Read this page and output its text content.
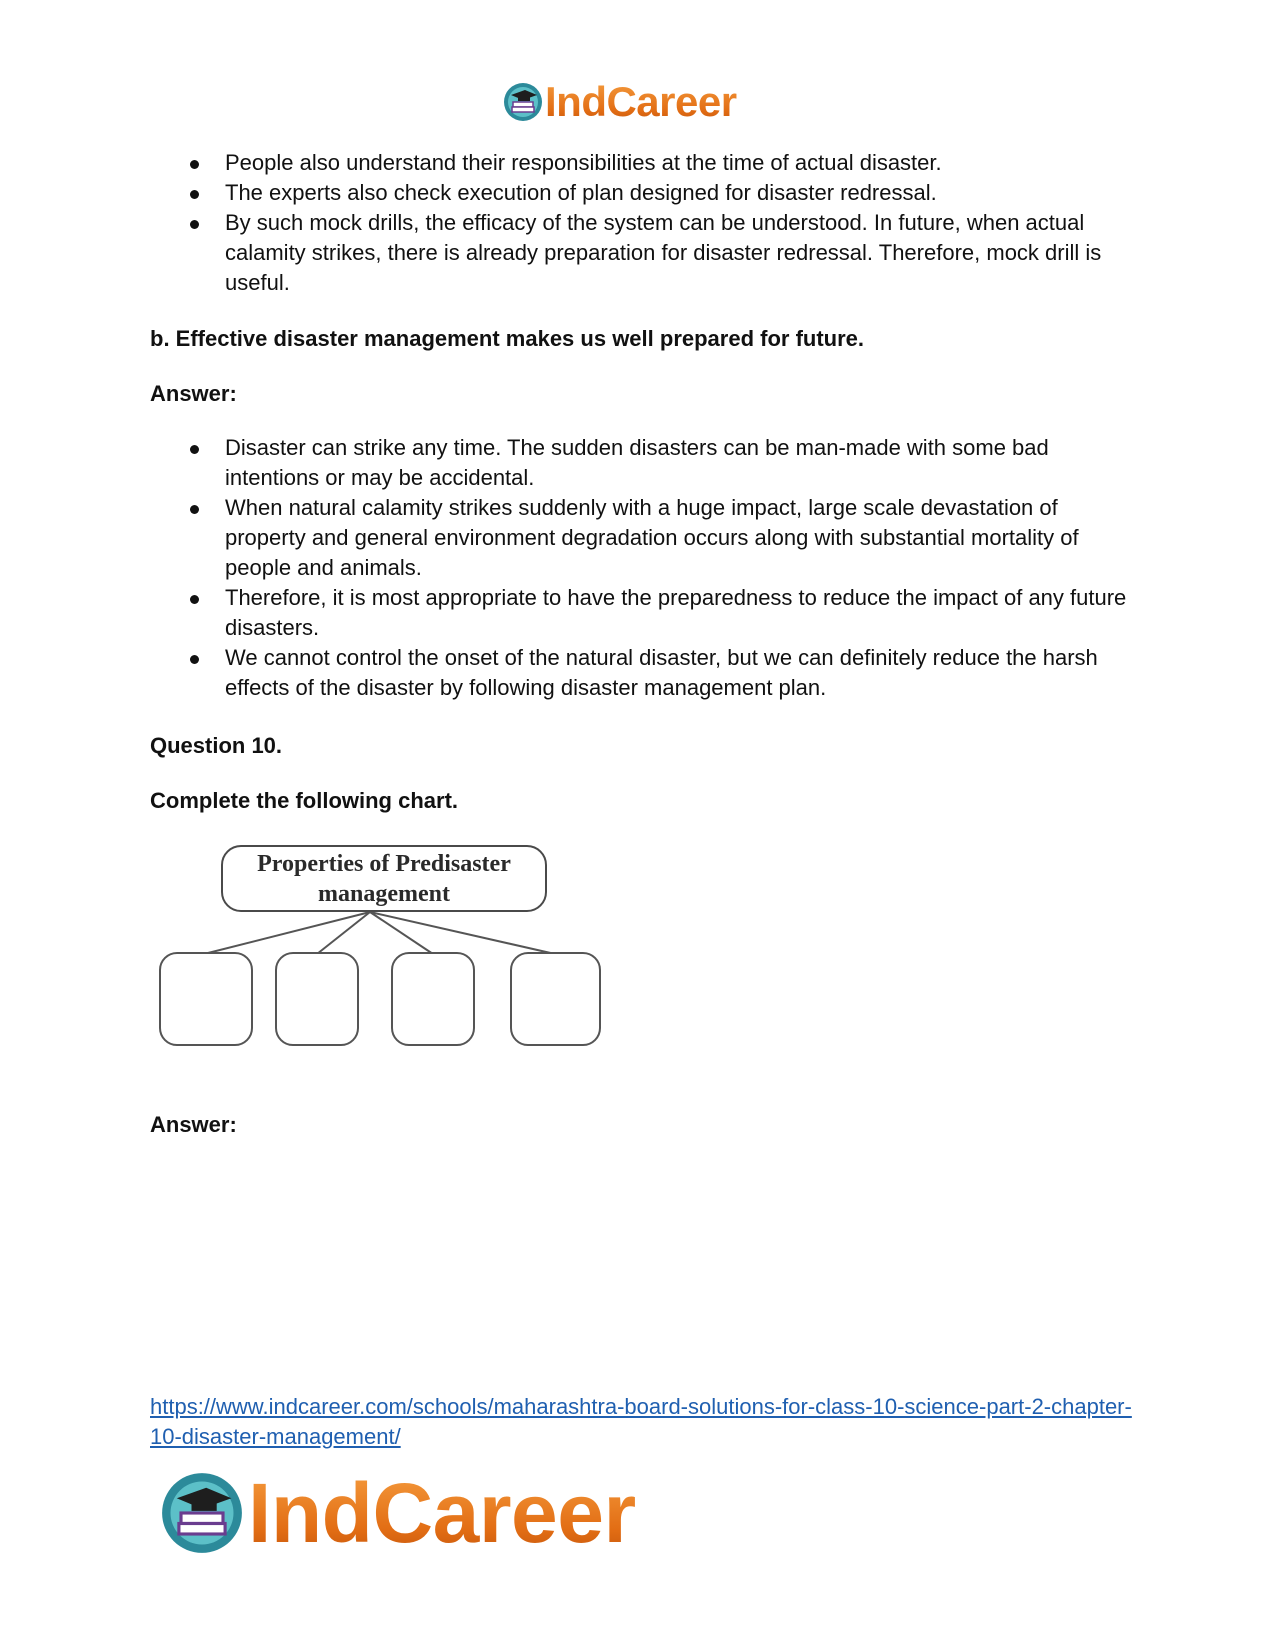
IndCareer
People also understand their responsibilities at the time of actual disaster.
The experts also check execution of plan designed for disaster redressal.
By such mock drills, the efficacy of the system can be understood. In future, when actual calamity strikes, there is already preparation for disaster redressal. Therefore, mock drill is useful.

b. Effective disaster management makes us well prepared for future.

Answer:

Disaster can strike any time. The sudden disasters can be man-made with some bad intentions or may be accidental.
When natural calamity strikes suddenly with a huge impact, large scale devastation of property and general environment degradation occurs along with substantial mortality of people and animals.
Therefore, it is most appropriate to have the preparedness to reduce the impact of any future disasters.
We cannot control the onset of the natural disaster, but we can definitely reduce the harsh effects of the disaster by following disaster management plan.

Question 10.

Complete the following chart.

Properties of Predisaster
management

Answer:

https://www.indcareer.com/schools/maharashtra-board-solutions-for-class-10-science-part-2-chapter-10-disaster-management/
IndCareer
